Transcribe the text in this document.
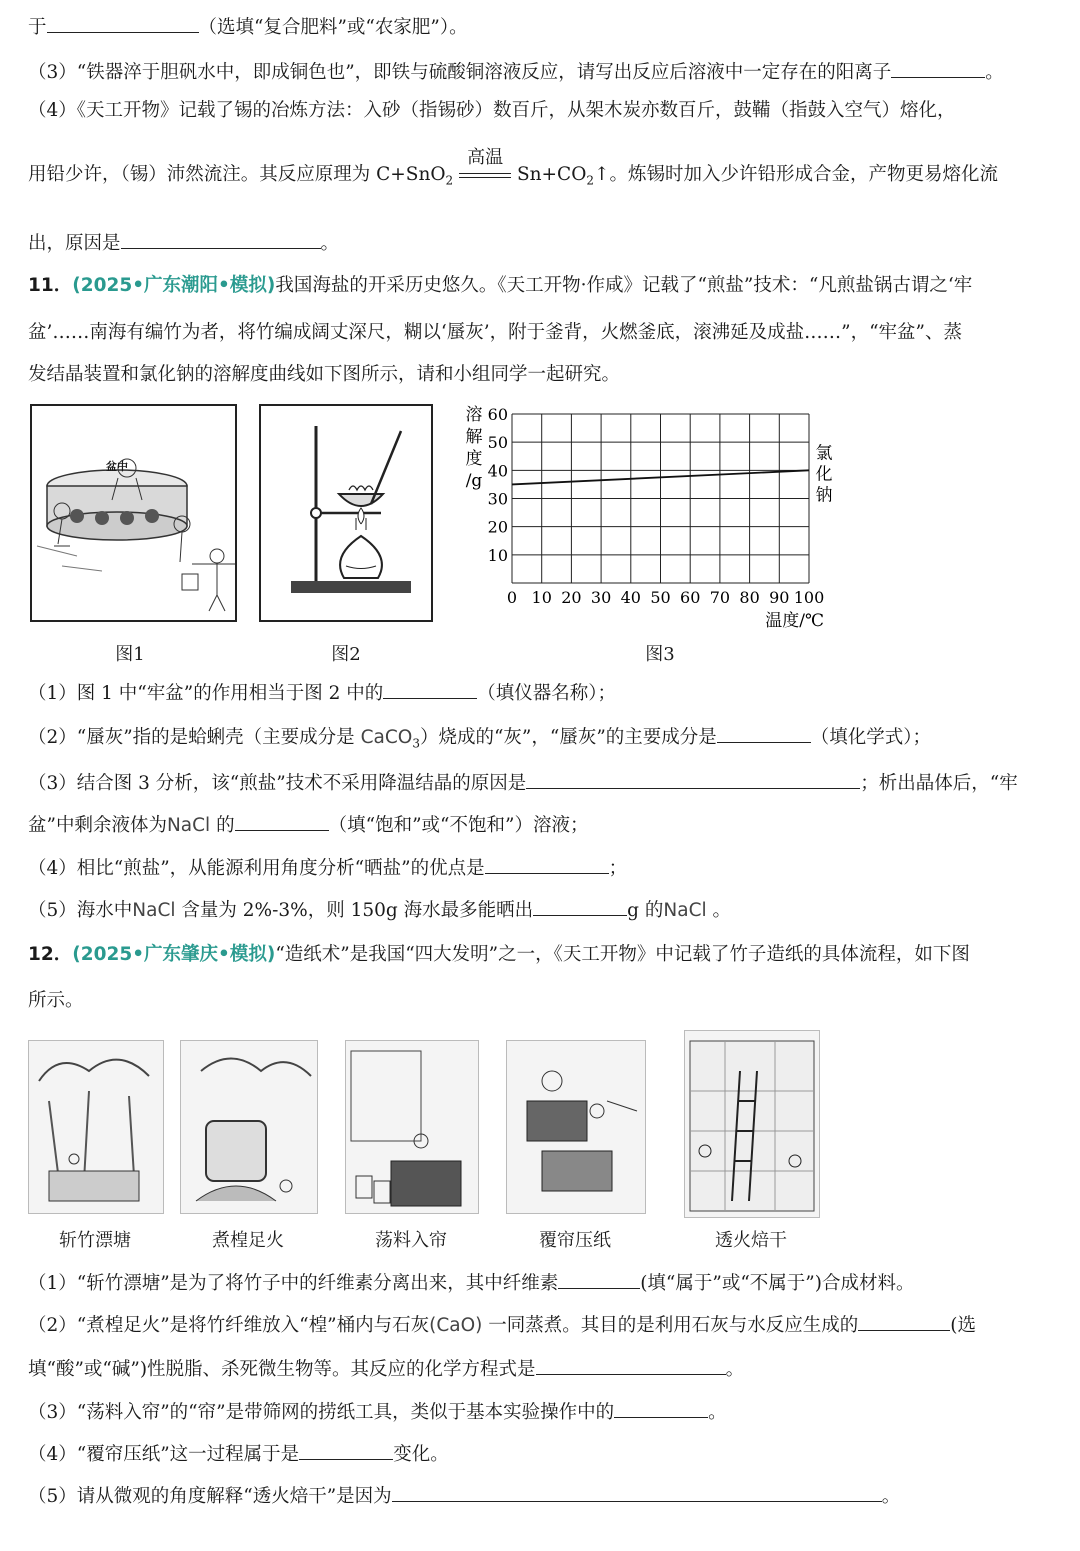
于	（选填“复合肥料”或“农家肥”）。
（3）“铁器淬于胆矾水中，即成铜色也”，即铁与硫酸铜溶液反应，请写出反应后溶液中一定存在的阳离子	。
（4）《天工开物》记载了锡的冶炼方法：入砂（指锡砂）数百斤，从架木炭亦数百斤，鼓鞴（指鼓入空气）熔化，
用铅少许，（锡）沛然流注。其反应原理为 C+SnO$_2$
高温
$Sn+CO_2↑$。炼锡时加入少许铅形成合金，产物更易熔化流
出，原因是	。
11．(2025•广东潮阳•模拟)我国海盐的开采历史悠久。《天工开物·作咸》记载了“煎盐”技术：“凡煎盐锅古谓之‘牢
盆’……南海有编竹为者，将竹编成阔丈深尺，糊以‘蜃灰’，附于釜背，火燃釜底，滚沸延及成盐……”，“牢盆”、蒸
发结晶装置和氯化钠的溶解度曲线如下图所示，请和小组同学一起研究。
盆中
图1	图2
0 10 20 30 40 50 60 70 80 90 100
10
20
30
40
50
60
溶解度/g
温度/℃
氯化钠
图3
（1）图 1 中“牢盆”的作用相当于图 2 中的	（填仪器名称）；
（2）“蜃灰”指的是蛤蜊壳（主要成分是 CaCO$_3$）烧成的“灰”，“蜃灰”的主要成分是	（填化学式）；
（3）结合图 3 分析，该“煎盐”技术不采用降温结晶的原因是	；析出晶体后，“牢
盆”中剩余液体为NaCl 的	（填“饱和”或“不饱和”）溶液；
（4）相比“煎盐”，从能源利用角度分析“晒盐”的优点是	；
（5）海水中NaCl 含量为 2%-3%，则 150g 海水最多能晒出	g 的NaCl 。
12．(2025•广东肇庆•模拟)“造纸术”是我国“四大发明”之一，《天工开物》中记载了竹子造纸的具体流程，如下图
所示。
斩竹漂塘	煮楻足火	荡料入帘	覆帘压纸	透火焙干
（1）“斩竹漂塘”是为了将竹子中的纤维素分离出来，其中纤维素	(填“属于”或“不属于”)合成材料。
（2）“煮楻足火”是将竹纤维放入“楻”桶内与石灰(CaO) 一同蒸煮。其目的是利用石灰与水反应生成的	(选
填“酸”或“碱”)性脱脂、杀死微生物等。其反应的化学方程式是	。
（3）“荡料入帘”的“帘”是带筛网的捞纸工具，类似于基本实验操作中的	。
（4）“覆帘压纸”这一过程属于是	变化。
（5）请从微观的角度解释“透火焙干”是因为	。
